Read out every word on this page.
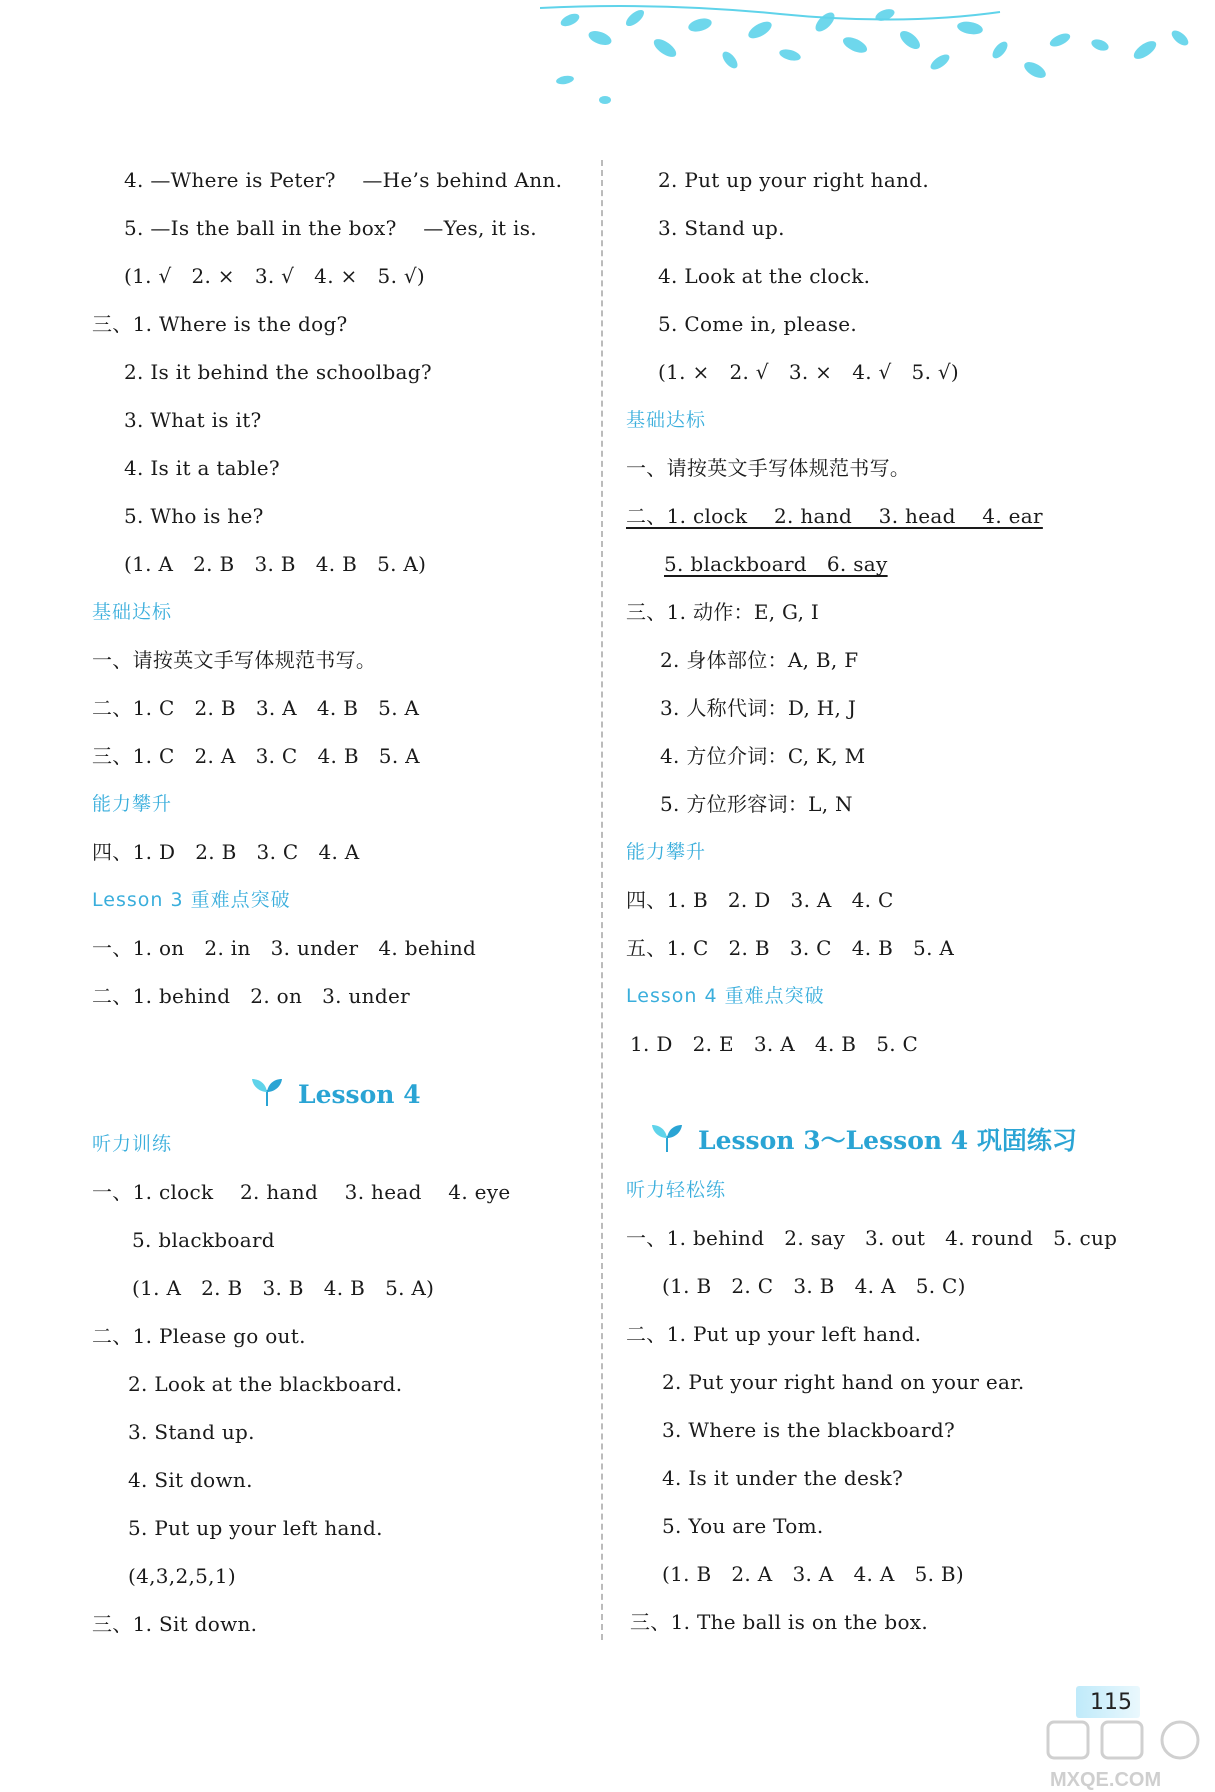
4. —Where is Peter?    —He’s behind Ann.
5. —Is the ball in the box?    —Yes, it is.
(1. √   2. ×   3. √   4. ×   5. √)
三、1. Where is the dog?
2. Is it behind the schoolbag?
3. What is it?
4. Is it a table?
5. Who is he?
(1. A   2. B   3. B   4. B   5. A)
基础达标
一、请按英文手写体规范书写。
二、1. C   2. B   3. A   4. B   5. A
三、1. C   2. A   3. C   4. B   5. A
能力攀升
四、1. D   2. B   3. C   4. A
Lesson 3 重难点突破
一、1. on   2. in   3. under   4. behind
二、1. behind   2. on   3. under
Lesson 4
听力训练
一、1. clock    2. hand    3. head    4. eye
5. blackboard
(1. A   2. B   3. B   4. B   5. A)
二、1. Please go out.
2. Look at the blackboard.
3. Stand up.
4. Sit down.
5. Put up your left hand.
(4,3,2,5,1)
三、1. Sit down.
2. Put up your right hand.
3. Stand up.
4. Look at the clock.
5. Come in, please.
(1. ×   2. √   3. ×   4. √   5. √)
基础达标
一、请按英文手写体规范书写。
二、1. clock    2. hand    3. head    4. ear
5. blackboard   6. say
三、1. 动作：E, G, I
2. 身体部位：A, B, F
3. 人称代词：D, H, J
4. 方位介词：C, K, M
5. 方位形容词：L, N
能力攀升
四、1. B   2. D   3. A   4. C
五、1. C   2. B   3. C   4. B   5. A
Lesson 4 重难点突破
1. D   2. E   3. A   4. B   5. C
Lesson 3～Lesson 4 巩固练习
听力轻松练
一、1. behind   2. say   3. out   4. round   5. cup
(1. B   2. C   3. B   4. A   5. C)
二、1. Put up your left hand.
2. Put your right hand on your ear.
3. Where is the blackboard?
4. Is it under the desk?
5. You are Tom.
(1. B   2. A   3. A   4. A   5. B)
三、1. The ball is on the box.
115
MXQE.COM
